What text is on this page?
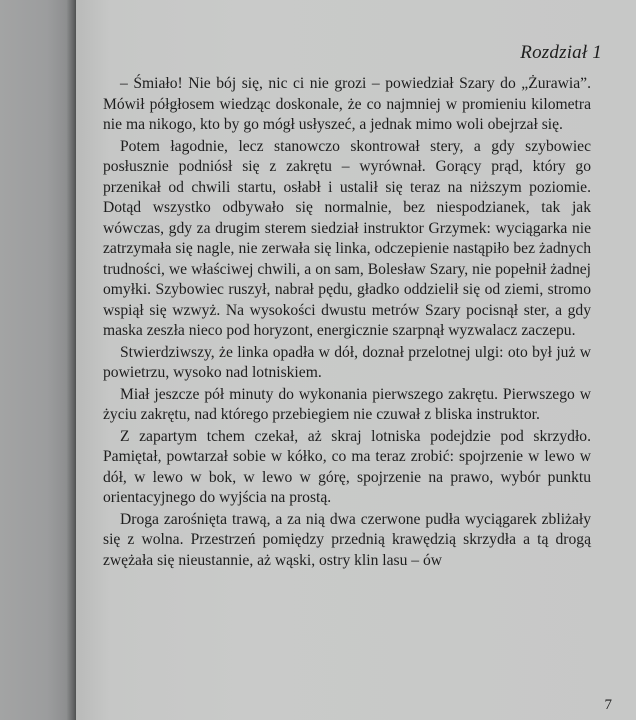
Rozdział 1

– Śmiało! Nie bój się, nic ci nie grozi – powiedział Szary do „Żurawia”. Mówił półgłosem wiedząc doskonale, że co najmniej w promieniu kilometra nie ma nikogo, kto by go mógł usłyszeć, a jednak mimo woli obejrzał się.

Potem łagodnie, lecz stanowczo skontrował stery, a gdy szybowiec posłusznie podniósł się z zakrętu – wyrównał. Gorący prąd, który go przenikał od chwili startu, osłabł i ustalił się teraz na niższym poziomie. Dotąd wszystko odbywało się normalnie, bez niespodzianek, tak jak wówczas, gdy za drugim sterem siedział instruktor Grzymek: wyciągarka nie zatrzymała się nagle, nie zerwała się linka, odczepienie nastąpiło bez żadnych trudności, we właściwej chwili, a on sam, Bolesław Szary, nie popełnił żadnej omyłki. Szybowiec ruszył, nabrał pędu, gładko oddzielił się od ziemi, stromo wspiął się wzwyż. Na wysokości dwustu metrów Szary pocisnął ster, a gdy maska zeszła nieco pod horyzont, energicznie szarpnął wyzwalacz zaczepu.

Stwierdziwszy, że linka opadła w dół, doznał przelotnej ulgi: oto był już w powietrzu, wysoko nad lotniskiem.

Miał jeszcze pół minuty do wykonania pierwszego zakrętu. Pierwszego w życiu zakrętu, nad którego przebiegiem nie czuwał z bliska instruktor.

Z zapartym tchem czekał, aż skraj lotniska podejdzie pod skrzydło. Pamiętał, powtarzał sobie w kółko, co ma teraz zrobić: spojrzenie w lewo w dół, w lewo w bok, w lewo w górę, spojrzenie na prawo, wybór punktu orientacyjnego do wyjścia na prostą.

Droga zarośnięta trawą, a za nią dwa czerwone pudła wyciągarek zbliżały się z wolna. Przestrzeń pomiędzy przednią krawędzią skrzydła a tą drogą zwężała się nieustannie, aż wąski, ostry klin lasu – ów

7
